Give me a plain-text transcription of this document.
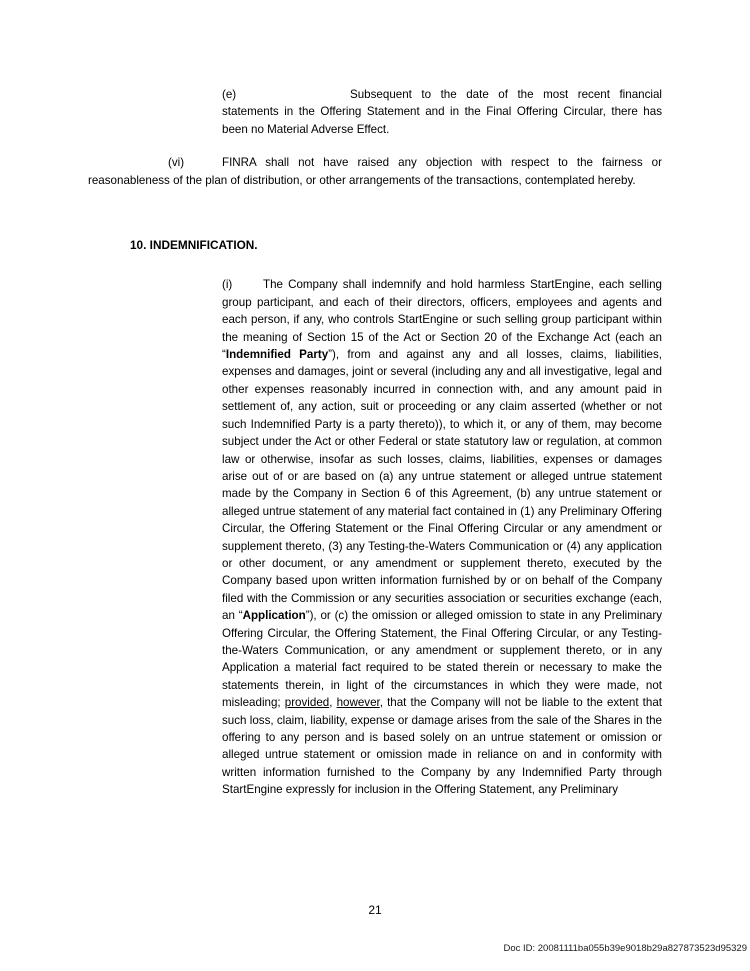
(e)	Subsequent to the date of the most recent financial statements in the Offering Statement and in the Final Offering Circular, there has been no Material Adverse Effect.

(vi)	FINRA shall not have raised any objection with respect to the fairness or reasonableness of the plan of distribution, or other arrangements of the transactions, contemplated hereby.

10. INDEMNIFICATION.

(i)	The Company shall indemnify and hold harmless StartEngine, each selling group participant, and each of their directors, officers, employees and agents and each person, if any, who controls StartEngine or such selling group participant within the meaning of Section 15 of the Act or Section 20 of the Exchange Act (each an “Indemnified Party”), from and against any and all losses, claims, liabilities, expenses and damages, joint or several (including any and all investigative, legal and other expenses reasonably incurred in connection with, and any amount paid in settlement of, any action, suit or proceeding or any claim asserted (whether or not such Indemnified Party is a party thereto)), to which it, or any of them, may become subject under the Act or other Federal or state statutory law or regulation, at common law or otherwise, insofar as such losses, claims, liabilities, expenses or damages arise out of or are based on (a) any untrue statement or alleged untrue statement made by the Company in Section 6 of this Agreement, (b) any untrue statement or alleged untrue statement of any material fact contained in (1) any Preliminary Offering Circular, the Offering Statement or the Final Offering Circular or any amendment or supplement thereto, (3) any Testing-the-Waters Communication or (4) any application or other document, or any amendment or supplement thereto, executed by the Company based upon written information furnished by or on behalf of the Company filed with the Commission or any securities association or securities exchange (each, an “Application”), or (c) the omission or alleged omission to state in any Preliminary Offering Circular, the Offering Statement, the Final Offering Circular, or any Testing-the-Waters Communication, or any amendment or supplement thereto, or in any Application a material fact required to be stated therein or necessary to make the statements therein, in light of the circumstances in which they were made, not misleading; provided, however, that the Company will not be liable to the extent that such loss, claim, liability, expense or damage arises from the sale of the Shares in the offering to any person and is based solely on an untrue statement or omission or alleged untrue statement or omission made in reliance on and in conformity with written information furnished to the Company by any Indemnified Party through StartEngine expressly for inclusion in the Offering Statement, any Preliminary

21
Doc ID: 20081111ba055b39e9018b29a827873523d95329
